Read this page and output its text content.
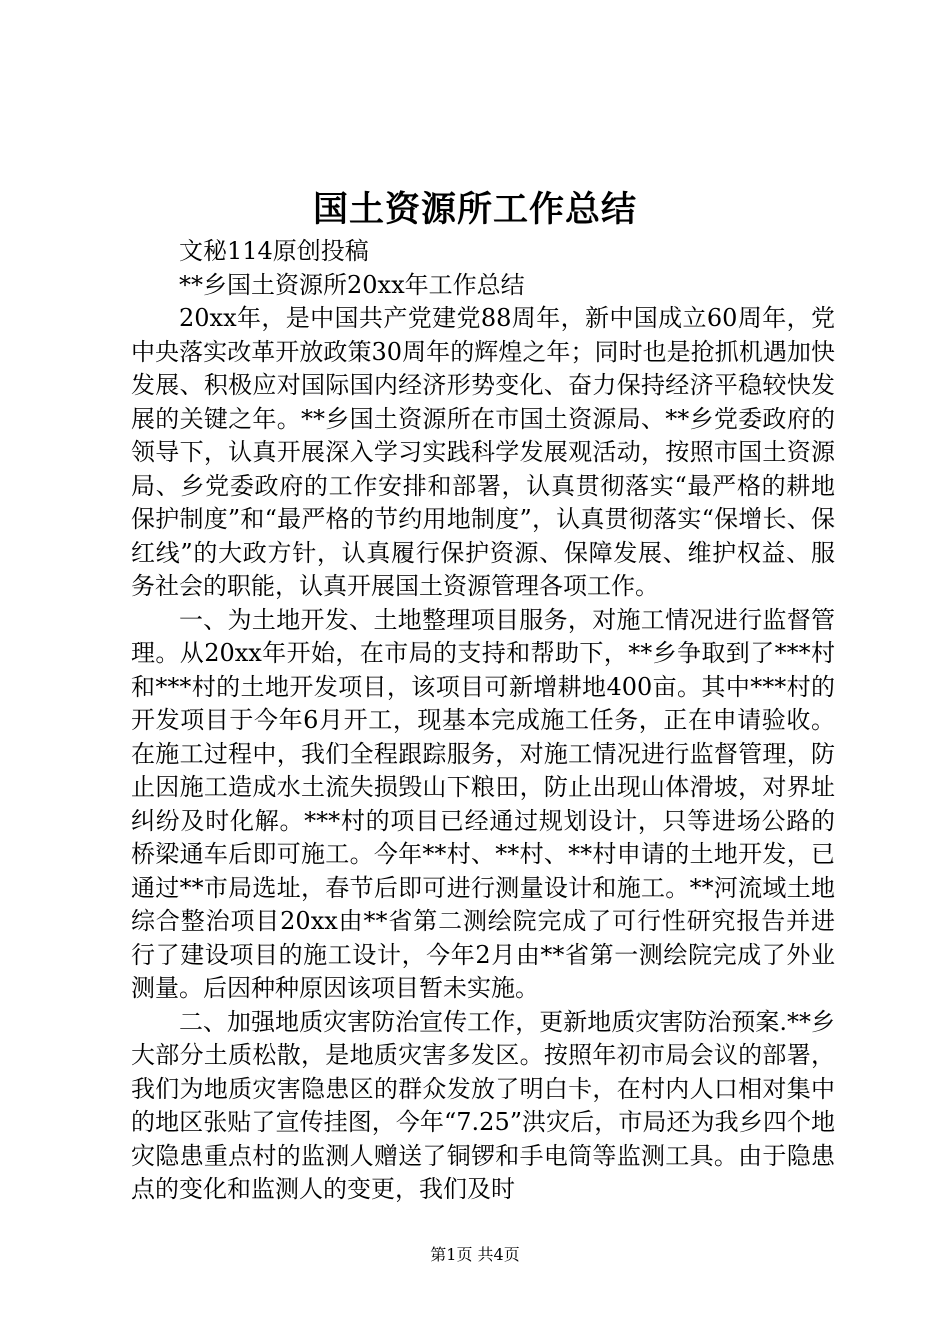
国土资源所工作总结

文秘114原创投稿

**乡国土资源所20xx年工作总结

20xx年，是中国共产党建党88周年，新中国成立60周年，党中央落实改革开放政策30周年的辉煌之年；同时也是抢抓机遇加快发展、积极应对国际国内经济形势变化、奋力保持经济平稳较快发展的关键之年。**乡国土资源所在市国土资源局、**乡党委政府的领导下，认真开展深入学习实践科学发展观活动，按照市国土资源局、乡党委政府的工作安排和部署，认真贯彻落实“最严格的耕地保护制度”和“最严格的节约用地制度”，认真贯彻落实“保增长、保红线”的大政方针，认真履行保护资源、保障发展、维护权益、服务社会的职能，认真开展国土资源管理各项工作。

一、为土地开发、土地整理项目服务，对施工情况进行监督管理。从20xx年开始，在市局的支持和帮助下，**乡争取到了***村和***村的土地开发项目，该项目可新增耕地400亩。其中***村的开发项目于今年6月开工，现基本完成施工任务，正在申请验收。在施工过程中，我们全程跟踪服务，对施工情况进行监督管理，防止因施工造成水土流失损毁山下粮田，防止出现山体滑坡，对界址纠纷及时化解。***村的项目已经通过规划设计，只等进场公路的桥梁通车后即可施工。今年**村、**村、**村申请的土地开发，已通过**市局选址，春节后即可进行测量设计和施工。**河流域土地综合整治项目20xx由**省第二测绘院完成了可行性研究报告并进行了建设项目的施工设计，今年2月由**省第一测绘院完成了外业测量。后因种种原因该项目暂未实施。

二、加强地质灾害防治宣传工作，更新地质灾害防治预案.**乡大部分土质松散，是地质灾害多发区。按照年初市局会议的部署，我们为地质灾害隐患区的群众发放了明白卡，在村内人口相对集中的地区张贴了宣传挂图，今年“7.25”洪灾后，市局还为我乡四个地灾隐患重点村的监测人赠送了铜锣和手电筒等监测工具。由于隐患点的变化和监测人的变更，我们及时

第1页 共4页
